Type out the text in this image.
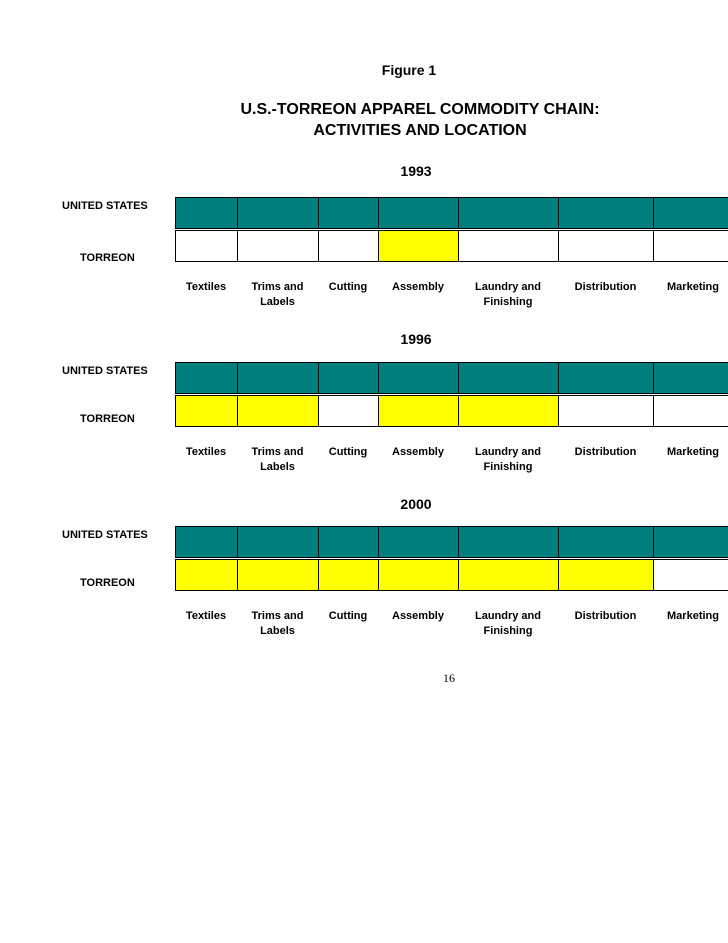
Figure 1
U.S.-TORREON APPAREL COMMODITY CHAIN:
ACTIVITIES AND LOCATION
1993
UNITED STATES
TORREON
Textiles	Trims and
Labels
Cutting	Assembly	Laundry and
Finishing
Distribution	Marketing
1996
UNITED STATES
TORREON
Textiles	Trims and
Labels
Cutting	Assembly	Laundry and
Finishing
Distribution	Marketing
2000
UNITED STATES
TORREON
Textiles	Trims and
Labels
Cutting	Assembly	Laundry and
Finishing
Distribution	Marketing
16
